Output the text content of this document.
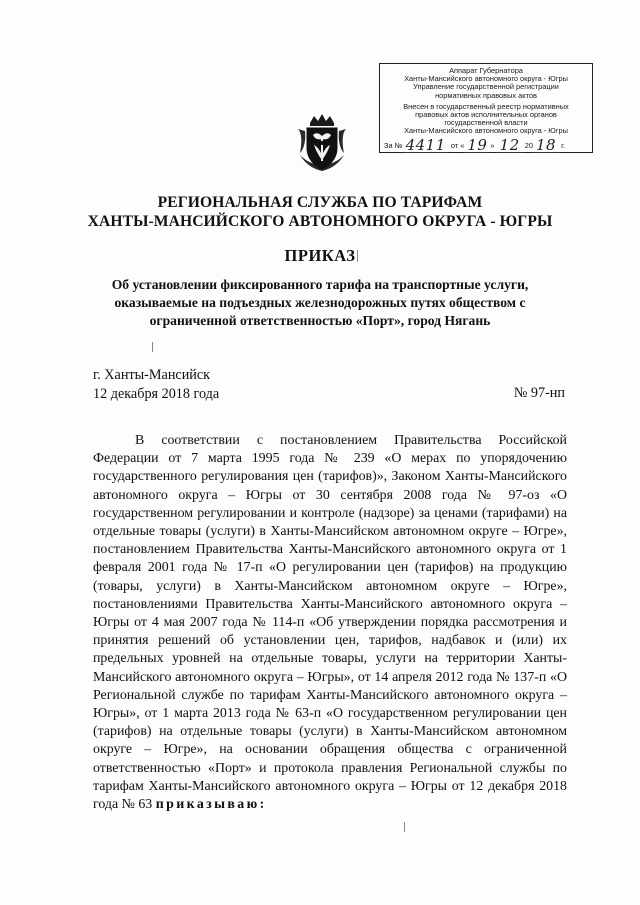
Аппарат Губернатора
Ханты-Мансийского автономного округа - Югры
Управление государственной регистрации
нормативных правовых актов
Внесен в государственный реестр нормативных
правовых актов исполнительных органов
государственной власти
Ханты-Мансийского автономного округа - Югры
За № 4411 от « 19 » 12 20 18 г.
РЕГИОНАЛЬНАЯ СЛУЖБА ПО ТАРИФАМ
ХАНТЫ-МАНСИЙСКОГО АВТОНОМНОГО ОКРУГА - ЮГРЫ
ПРИКАЗ
Об установлении фиксированного тарифа на транспортные услуги,
оказываемые на подъездных железнодорожных путях обществом с
ограниченной ответственностью «Порт», город Нягань
г. Ханты-Мансийск
12 декабря 2018 года	№ 97-нп
В соответствии с постановлением Правительства Российской Федерации от 7 марта 1995 года № 239 «О мерах по упорядочению государственного регулирования цен (тарифов)», Законом Ханты-Мансийского автономного округа – Югры от 30 сентября 2008 года № 97-оз «О государственном регулировании и контроле (надзоре) за ценами (тарифами) на отдельные товары (услуги) в Ханты-Мансийском автономном округе – Югре», постановлением Правительства Ханты-Мансийского автономного округа от 1 февраля 2001 года № 17-п «О регулировании цен (тарифов) на продукцию (товары, услуги) в Ханты-Мансийском автономном округе – Югре», постановлениями Правительства Ханты-Мансийского автономного округа – Югры от 4 мая 2007 года № 114-п «Об утверждении порядка рассмотрения и принятия решений об установлении цен, тарифов, надбавок и (или) их предельных уровней на отдельные товары, услуги на территории Ханты-Мансийского автономного округа – Югры», от 14 апреля 2012 года № 137-п «О Региональной службе по тарифам Ханты-Мансийского автономного округа – Югры», от 1 марта 2013 года № 63-п «О государственном регулировании цен (тарифов) на отдельные товары (услуги) в Ханты-Мансийском автономном округе – Югре», на основании обращения общества с ограниченной ответственностью «Порт» и протокола правления Региональной службы по тарифам Ханты-Мансийского автономного округа – Югры от 12 декабря 2018 года № 63 приказываю:
